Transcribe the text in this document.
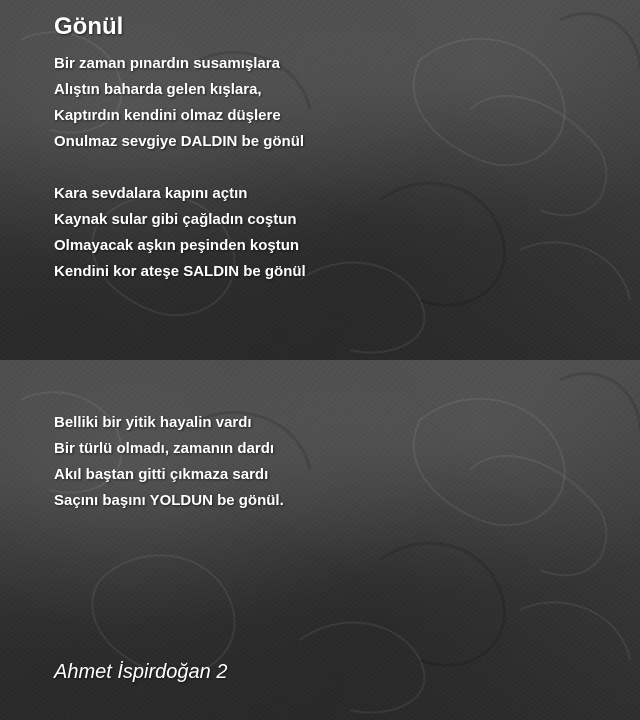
Gönül
Bir zaman pınardın susamışlara
Alıştın baharda gelen kışlara,
Kaptırdın kendini olmaz düşlere
Onulmaz sevgiye DALDIN be gönül
Kara sevdalara kapını açtın
Kaynak sular gibi çağladın coştun
Olmayacak aşkın peşinden koştun
Kendini kor ateşe SALDIN be gönül
Belliki bir yitik hayalin vardı
Bir türlü olmadı, zamanın dardı
Akıl baştan gitti çıkmaza sardı
Saçını başını YOLDUN be gönül.

Ahmet İspirdoğan 2
